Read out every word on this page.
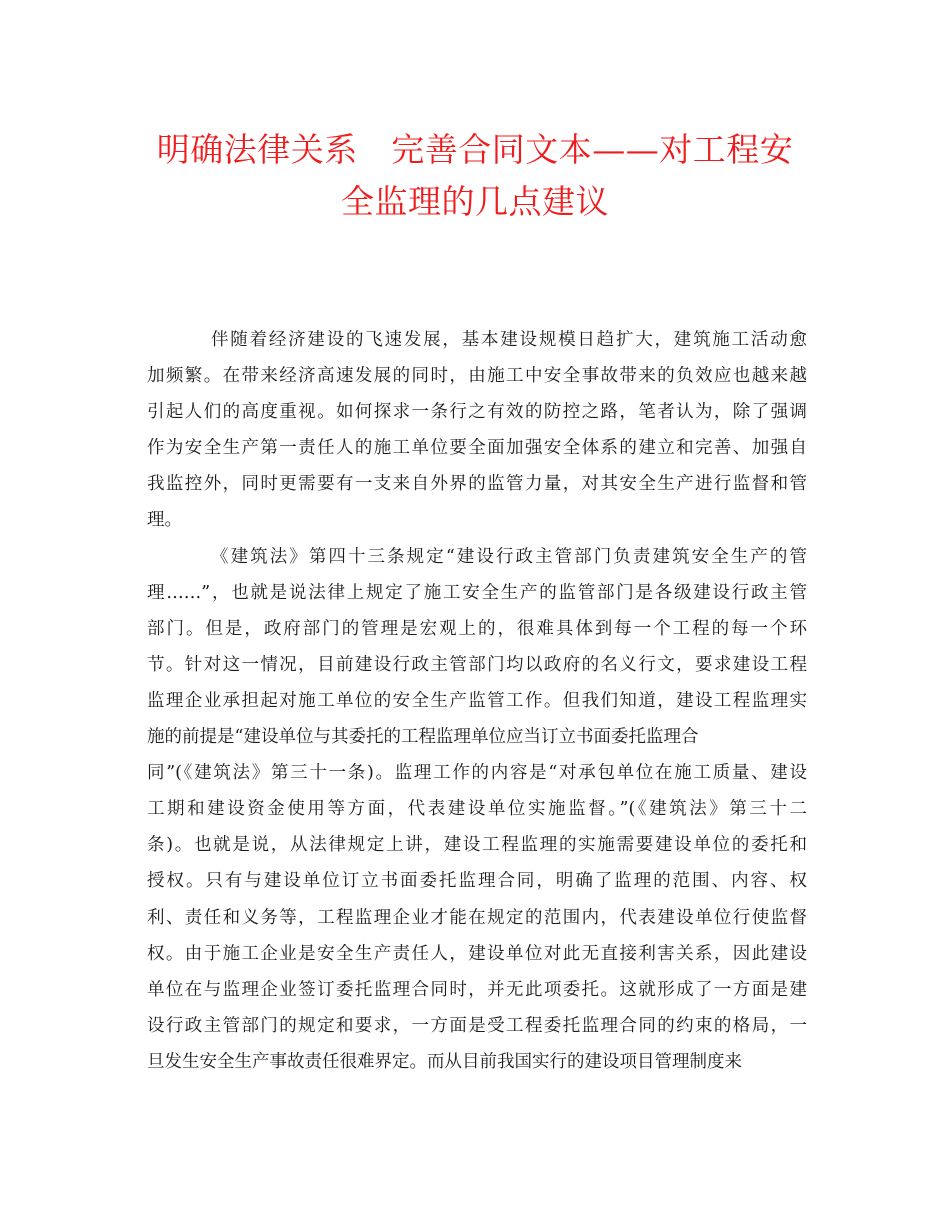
明确法律关系　完善合同文本——对工程安
全监理的几点建议
伴随着经济建设的飞速发展，基本建设规模日趋扩大，建筑施工活动愈
加频繁。在带来经济高速发展的同时，由施工中安全事故带来的负效应也越来越
引起人们的高度重视。如何探求一条行之有效的防控之路，笔者认为，除了强调
作为安全生产第一责任人的施工单位要全面加强安全体系的建立和完善、加强自
我监控外，同时更需要有一支来自外界的监管力量，对其安全生产进行监督和管
理。
《建筑法》第四十三条规定“建设行政主管部门负责建筑安全生产的管
理……”，也就是说法律上规定了施工安全生产的监管部门是各级建设行政主管
部门。但是，政府部门的管理是宏观上的，很难具体到每一个工程的每一个环
节。针对这一情况，目前建设行政主管部门均以政府的名义行文，要求建设工程
监理企业承担起对施工单位的安全生产监管工作。但我们知道，建设工程监理实
施的前提是“建设单位与其委托的工程监理单位应当订立书面委托监理合
同”(《建筑法》第三十一条)。监理工作的内容是“对承包单位在施工质量、建设
工期和建设资金使用等方面，代表建设单位实施监督。”(《建筑法》第三十二
条)。也就是说，从法律规定上讲，建设工程监理的实施需要建设单位的委托和
授权。只有与建设单位订立书面委托监理合同，明确了监理的范围、内容、权
利、责任和义务等，工程监理企业才能在规定的范围内，代表建设单位行使监督
权。由于施工企业是安全生产责任人，建设单位对此无直接利害关系，因此建设
单位在与监理企业签订委托监理合同时，并无此项委托。这就形成了一方面是建
设行政主管部门的规定和要求，一方面是受工程委托监理合同的约束的格局，一
旦发生安全生产事故责任很难界定。而从目前我国实行的建设项目管理制度来
